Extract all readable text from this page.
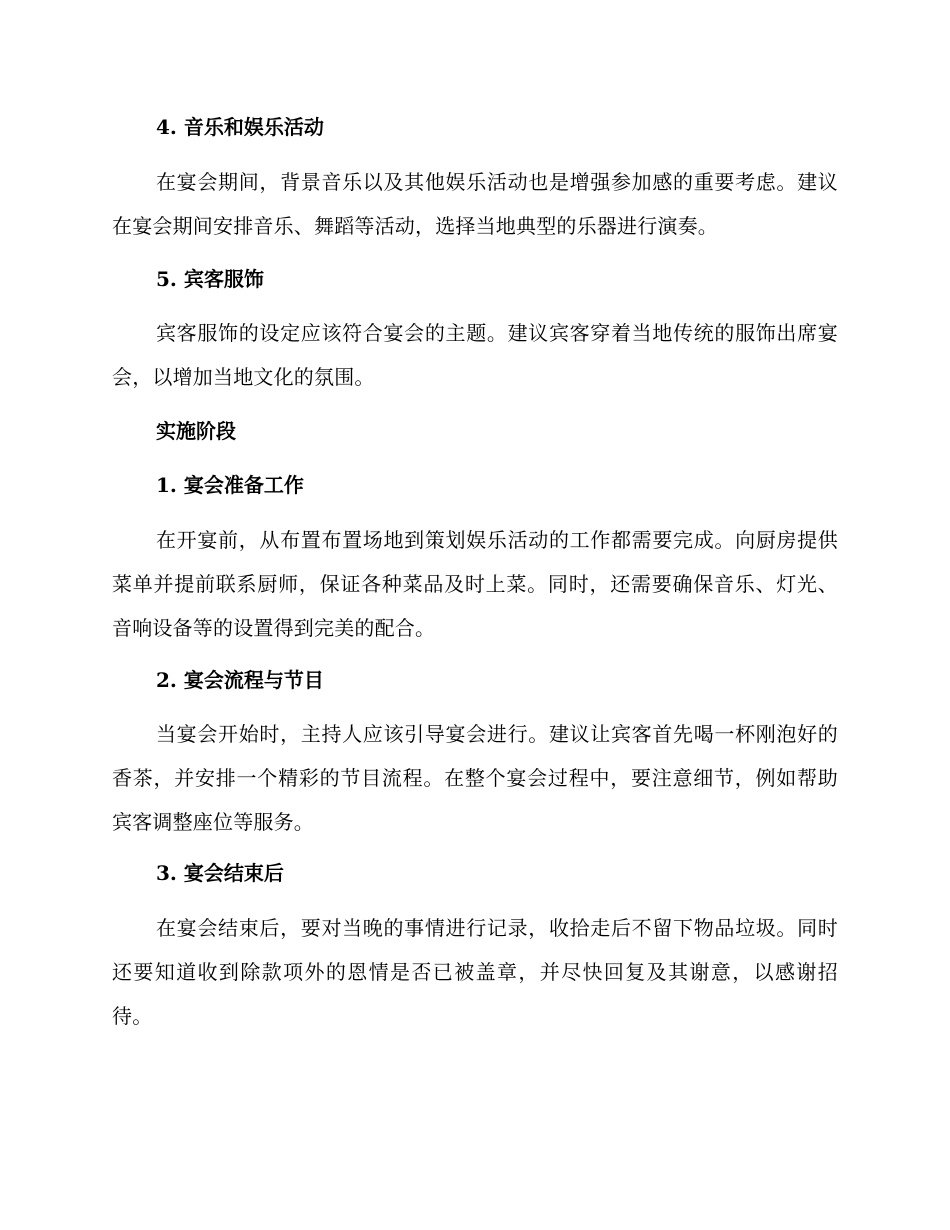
4. 音乐和娱乐活动
在宴会期间，背景音乐以及其他娱乐活动也是增强参加感的重要考虑。建议在宴会期间安排音乐、舞蹈等活动，选择当地典型的乐器进行演奏。
5. 宾客服饰
宾客服饰的设定应该符合宴会的主题。建议宾客穿着当地传统的服饰出席宴会，以增加当地文化的氛围。
实施阶段
1. 宴会准备工作
在开宴前，从布置布置场地到策划娱乐活动的工作都需要完成。向厨房提供菜单并提前联系厨师，保证各种菜品及时上菜。同时，还需要确保音乐、灯光、音响设备等的设置得到完美的配合。
2. 宴会流程与节目
当宴会开始时，主持人应该引导宴会进行。建议让宾客首先喝一杯刚泡好的香茶，并安排一个精彩的节目流程。在整个宴会过程中，要注意细节，例如帮助宾客调整座位等服务。
3. 宴会结束后
在宴会结束后，要对当晚的事情进行记录，收拾走后不留下物品垃圾。同时还要知道收到除款项外的恩情是否已被盖章，并尽快回复及其谢意，以感谢招待。
